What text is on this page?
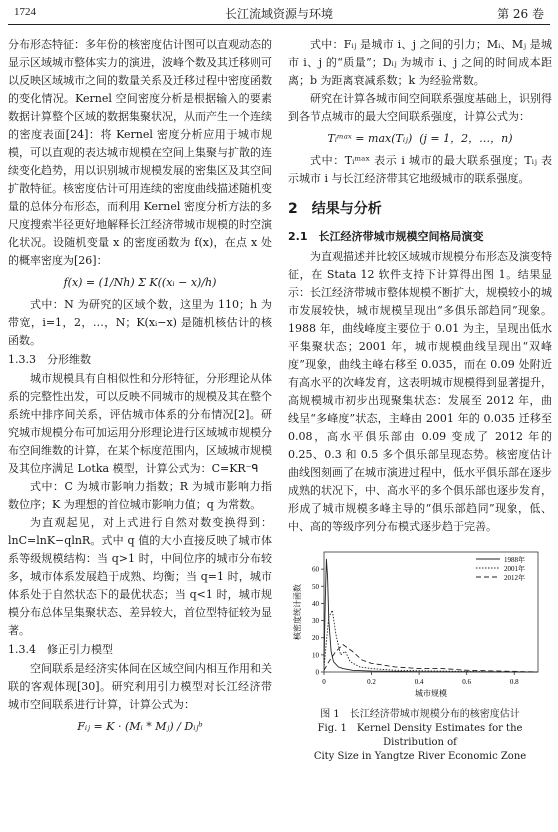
1724	长江流域资源与环境	第 26 卷

分布形态特征：多年份的核密度估计图可以直观动态的显示区域城市整体实力的演进，波峰个数及其迁移则可以反映区域城市之间的数量关系及迁移过程中密度函数的变化情况。Kernel 空间密度分析是根据输入的要素数据计算整个区域的数据集聚状况，从而产生一个连续的密度表面[24]：将 Kernel 密度分析应用于城市规模，可以直观的表达城市规模在空间上集聚与扩散的连续变化趋势，用以识别城市规模发展的密集区及其空间扩散特征。核密度估计可用连续的密度曲线描述随机变量的总体分布形态，而利用 Kernel 密度分析方法的多尺度搜索半径更好地解释长江经济带城市规模的时空演化状况。设随机变量 x 的密度函数为 f(x)，在点 x 处的概率密度为[26]：

f(x) = (1/Nh) Σ K((xᵢ − x)/h)

式中：N 为研究的区域个数，这里为 110；h 为带宽，i=1，2，…，N；K(xᵢ−x) 是随机核估计的核函数。

1.3.3　分形维数

城市规模具有自相似性和分形特征，分形理论从体系的完整性出发，可以反映不同城市的规模及其在整个系统中排序间关系，评估城市体系的分布情况[2]。研究城市规模分布可加运用分形理论进行区域城市规模分布空间维数的计算，在某个标度范围内，区域城市规模及其位序满足 Lotka 模型，计算公式为：C=KR⁻ᑫ

式中：C 为城市影响力指数；R 为城市影响力指数位序；K 为理想的首位城市影响力值；q 为常数。

为直观起见，对上式进行自然对数变换得到：lnC=lnK−qlnR。式中 q 值的大小直接反映了城市体系等级规模结构：当 q>1 时，中间位序的城市分布较多，城市体系发展趋于成熟、均衡；当 q=1 时，城市体系处于自然状态下的最优状态；当 q<1 时，城市规模分布总体呈集聚状态、差异较大，首位型特征较为显著。

1.3.4　修正引力模型

空间联系是经济实体间在区域空间内相互作用和关联的客观体现[30]。研究利用引力模型对长江经济带城市空间联系进行计算，计算公式为：

Fᵢⱼ = K · (Mᵢ * Mⱼ) / Dᵢⱼᵇ

式中：Fᵢⱼ 是城市 i、j 之间的引力；Mᵢ、Mⱼ 是城市 i、j 的“质量”；Dᵢⱼ 为城市 i、j 之间的时间成本距离；b 为距离衰减系数；k 为经验常数。

研究在计算各城市间空间联系强度基础上，识别得到各节点城市的最大空间联系强度，计算公式为：

Tᵢᵐᵃˣ = max(Tᵢⱼ)  (j = 1，2，…，n)

式中：Tᵢᵐᵃˣ 表示 i 城市的最大联系强度；Tᵢⱼ 表示城市 i 与长江经济带其它地级城市的联系强度。

2　结果与分析
2.1　长江经济带城市规模空间格局演变

为直观描述并比较区域城市规模分布形态及演变特征，在 Stata 12 软件支持下计算得出图 1。结果显示：长江经济带城市整体规模不断扩大，规模较小的城市发展较快，城市规模呈现出“多俱乐部趋同”现象。1988 年，曲线峰度主要位于 0.01 为主，呈现出低水平集聚状态；2001 年，城市规模曲线呈现出“双峰度”现象，曲线主峰右移至 0.035，而在 0.09 处附近有高水平的次峰发育，这表明城市规模得到显著提升，高规模城市初步出现聚集状态：发展至 2012 年，曲线呈“多峰度”状态，主峰由 2001 年的 0.035 迁移至 0.08，高水平俱乐部由 0.09 变成了 2012 年的 0.25、0.3 和 0.5 多个俱乐部呈现态势。核密度估计曲线图刻画了在城市演进过程中，低水平俱乐部在逐步成熟的状况下，中、高水平的多个俱乐部也逐步发育，形成了城市规模多峰主导的“俱乐部趋同”现象，低、中、高的等级序列分布模式逐步趋于完善。

0	0.2	0.4	0.6	0.8
0
10
20
30
40
50
60
城市规模
核密度统计函数
1988年
2001年
2012年
图 1　长江经济带城市规模分布的核密度估计
Fig. 1　Kernel Density Estimates for the Distribution of
City Size in Yangtze River Economic Zone
